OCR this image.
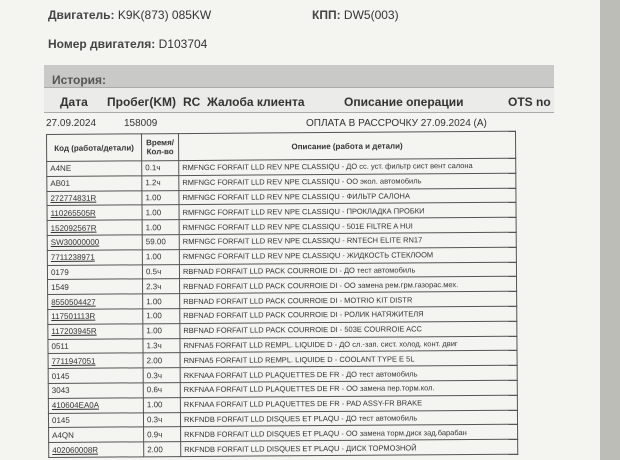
Двигатель: K9K(873) 085KW	КПП: DW5(003)
Номер двигателя: D103704
История:
Дата Пробег(KM) RC Жалоба клиента	Описание операции	OTS no
27.09.2024	158009	ОПЛАТА В РАССРОЧКУ 27.09.2024 (A)
Код (работа/детали)	Время/ Кол-во	Описание (работа и детали)
A4NE	0.1ч	RMFNGC FORFAIT LLD REV NPE CLASSIQU - ДО сс. уст. фильтр сист вент салона
AB01	1.2ч	RMFNGC FORFAIT LLD REV NPE CLASSIQU - ОО экол. автомобиль
272774831R	1.00	RMFNGC FORFAIT LLD REV NPE CLASSIQU - ФИЛЬТР САЛОНА
110265505R	1.00	RMFNGC FORFAIT LLD REV NPE CLASSIQU - ПРОКЛАДКА ПРОБКИ
152092567R	1.00	RMFNGC FORFAIT LLD REV NPE CLASSIQU - 501E FILTRE A HUI
SW30000000	59.00	RMFNGC FORFAIT LLD REV NPE CLASSIQU - RNTECH ELITE RN17
7711238971	1.00	RMFNGC FORFAIT LLD REV NPE CLASSIQU - ЖИДКОСТЬ СТЕКЛООМ
0179	0.5ч	RBFNAD FORFAIT LLD PACK COURROIE DI - ДО тест автомобиль
1549	2.3ч	RBFNAD FORFAIT LLD PACK COURROIE DI - ОО замена рем.грм.газорас.мех.
8550504427	1.00	RBFNAD FORFAIT LLD PACK COURROIE DI - MOTRIO KIT DISTR
117501113R	1.00	RBFNAD FORFAIT LLD PACK COURROIE DI - РОЛИК НАТЯЖИТЕЛЯ
117203945R	1.00	RBFNAD FORFAIT LLD PACK COURROIE DI - 503E COURROIE ACC
0511	1.3ч	RNFNA5 FORFAIT LLD REMPL. LIQUIDE D - ДО сл.-зап. сист. холод. конт. двиг
7711947051	2.00	RNFNA5 FORFAIT LLD REMPL. LIQUIDE D - COOLANT TYPE E 5L
0145	0.3ч	RKFNAA FORFAIT LLD PLAQUETTES DE FR - ДО тест автомобиль
3043	0.6ч	RKFNAA FORFAIT LLD PLAQUETTES DE FR - ОО замена пер.торм.кол.
410604EA0A	1.00	RKFNAA FORFAIT LLD PLAQUETTES DE FR - PAD ASSY-FR BRAKE
0145	0.3ч	RKFNDB FORFAIT LLD DISQUES ET PLAQU - ДО тест автомобиль
A4QN	0.9ч	RKFNDB FORFAIT LLD DISQUES ET PLAQU - ОО замена торм.диск зад.барабан
402060008R	2.00	RKFNDB FORFAIT LLD DISQUES ET PLAQU - ДИСК ТОРМОЗНОЙ
